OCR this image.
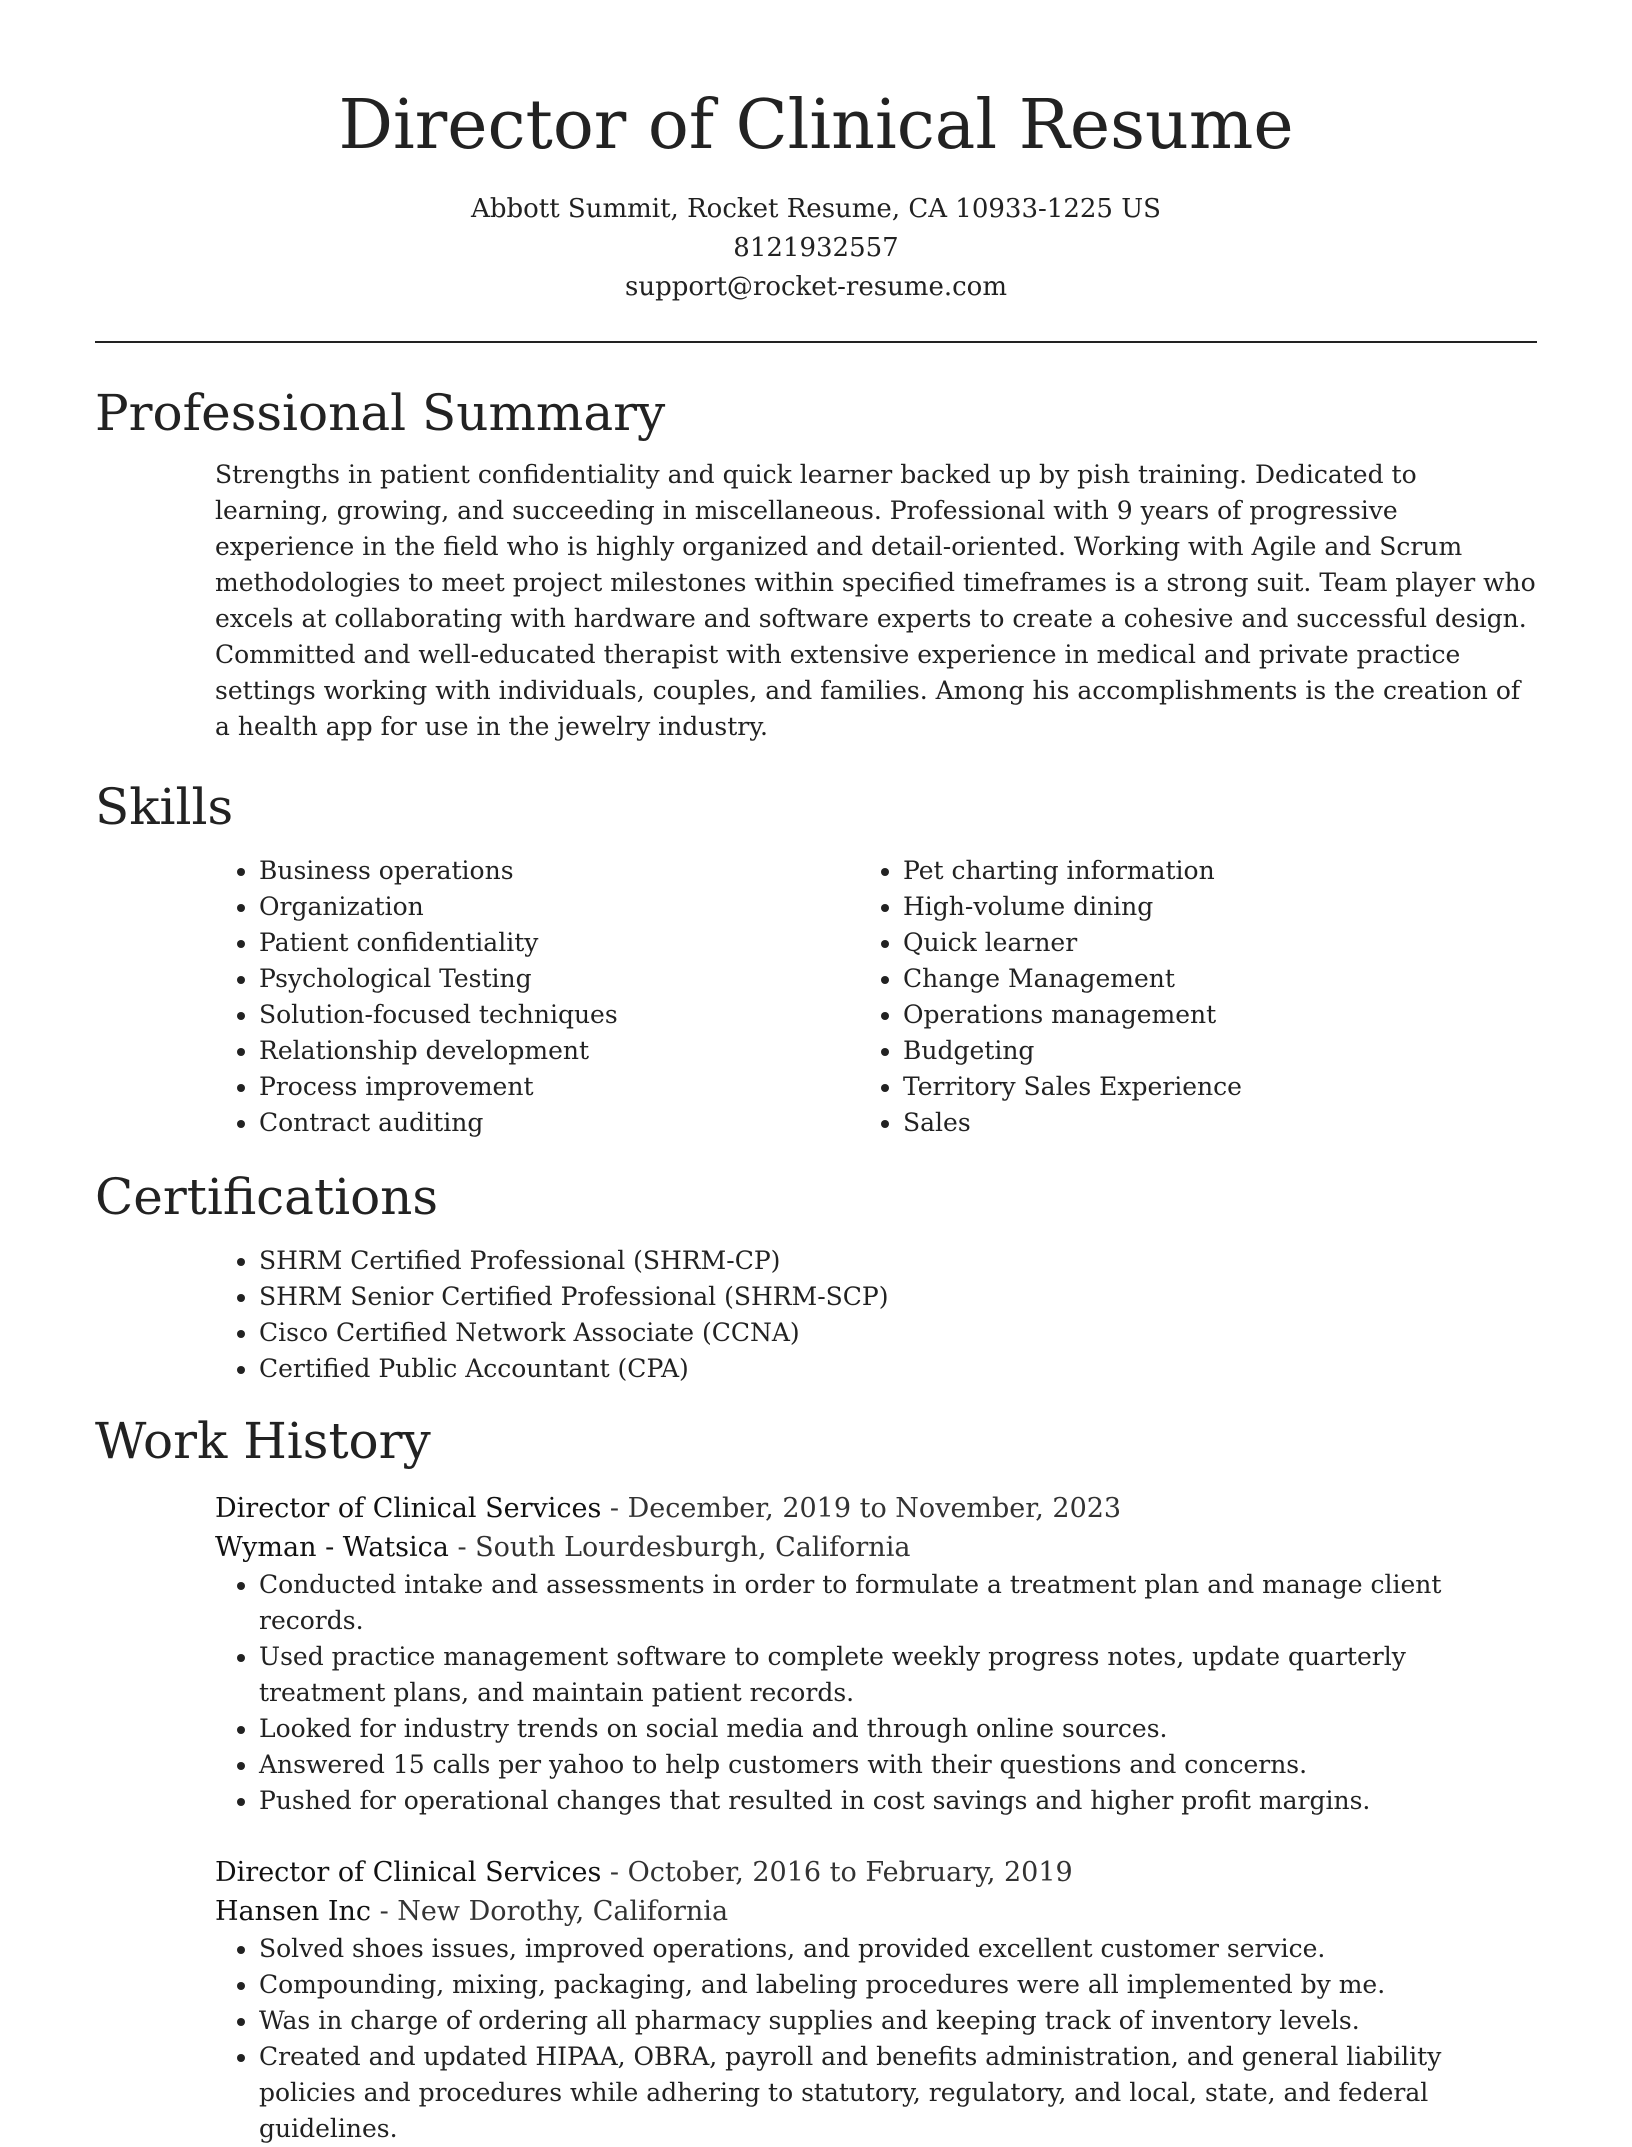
Director of Clinical Resume
Abbott Summit, Rocket Resume, CA 10933-1225 US
8121932557
support@rocket-resume.com
Professional Summary

Strengths in patient confidentiality and quick learner backed up by pish training. Dedicated to learning, growing, and succeeding in miscellaneous. Professional with 9 years of progressive experience in the field who is highly organized and detail-oriented. Working with Agile and Scrum methodologies to meet project milestones within specified timeframes is a strong suit. Team player who excels at collaborating with hardware and software experts to create a cohesive and successful design. Committed and well-educated therapist with extensive experience in medical and private practice settings working with individuals, couples, and families. Among his accomplishments is the creation of a health app for use in the jewelry industry.

Skills
• Business operations
• Organization
• Patient confidentiality
• Psychological Testing
• Solution-focused techniques
• Relationship development
• Process improvement
• Contract auditing
• Pet charting information
• High-volume dining
• Quick learner
• Change Management
• Operations management
• Budgeting
• Territory Sales Experience
• Sales
Certifications
• SHRM Certified Professional (SHRM-CP)
• SHRM Senior Certified Professional (SHRM-SCP)
• Cisco Certified Network Associate (CCNA)
• Certified Public Accountant (CPA)
Work History
Director of Clinical Services - December, 2019 to November, 2023
Wyman - Watsica - South Lourdesburgh, California
• Conducted intake and assessments in order to formulate a treatment plan and manage client records.
• Used practice management software to complete weekly progress notes, update quarterly treatment plans, and maintain patient records.
• Looked for industry trends on social media and through online sources.
• Answered 15 calls per yahoo to help customers with their questions and concerns.
• Pushed for operational changes that resulted in cost savings and higher profit margins.
Director of Clinical Services - October, 2016 to February, 2019
Hansen Inc - New Dorothy, California
• Solved shoes issues, improved operations, and provided excellent customer service.
• Compounding, mixing, packaging, and labeling procedures were all implemented by me.
• Was in charge of ordering all pharmacy supplies and keeping track of inventory levels.
• Created and updated HIPAA, OBRA, payroll and benefits administration, and general liability policies and procedures while adhering to statutory, regulatory, and local, state, and federal guidelines.
